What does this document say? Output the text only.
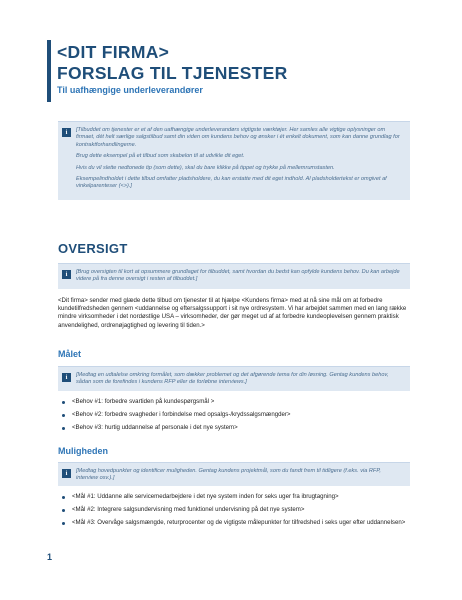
<DIT FIRMA>
FORSLAG TIL TJENESTER
Til uafhængige underleverandører
i	[Tilbuddet om tjenester er et af den uafhængige underleverandørs vigtigste værktøjer. Her samles alle vigtige oplysninger om firmaet, dét helt særlige salgstilbud samt din viden om kundens behov og ønsker i ét enkelt dokument, som kan danne grundlag for kontraktforhandlingerne.

Brug dette eksempel på et tilbud som skabelon til at udvikle dit eget.

Hvis du vil slette nedtonede tip (som dette), skal du bare klikke på tippet og trykke på mellemrumstasten.

Eksempelindholdet i dette tilbud omfatter pladsholdere, du kan erstatte med dit eget indhold. Al pladsholdertekst er omgivet af vinkelparenteser (<>).]

OVERSIGT
i	[Brug oversigten til kort at opsummere grundlaget for tilbuddet, samt hvordan du bedst kan opfylde kundens behov. Du kan arbejde videre på fra denne oversigt i resten af tilbuddet.]
<Dit firma> sender med glæde dette tilbud om tjenester til at hjælpe <Kundens firma> med at nå sine mål om at forbedre kundetilfredsheden gennem <uddannelse og eftersalgssupport i sit nye ordresystem. Vi har arbejdet sammen med en lang række mindre virksomheder i det nordøstlige USA – virksomheder, der gør meget ud af at forbedre kundeoplevelsen gennem praktisk anvendelighed, ordrenøjagtighed og levering til tiden.>
Målet
i	[Medtag en udtalelse omkring formålet, som dækker problemet og det afgørende tema for din løsning. Gentag kundens behov, sådan som de forefindes i kundens RFP eller de forløbne interviews.]
<Behov #1: forbedre svartiden på kundespørgsmål >
<Behov #2: forbedre svagheder i forbindelse med opsalgs-/krydssalgsmængder>
<Behov #3: hurtig uddannelse af personale i det nye system>
Muligheden
i	[Medtag hovedpunkter og identificer muligheden. Gentag kundens projektmål, som du fandt frem til tidligere (f.eks. via RFP, interview osv.).]
<Mål #1: Uddanne alle servicemedarbejdere i det nye system inden for seks uger fra ibrugtagning>
<Mål #2: Integrere salgsundervisning med funktionel undervisning på det nye system>
<Mål #3: Overvåge salgsmængde, returprocenter og de vigtigste målepunkter for tilfredshed i seks uger efter uddannelsen>
1
